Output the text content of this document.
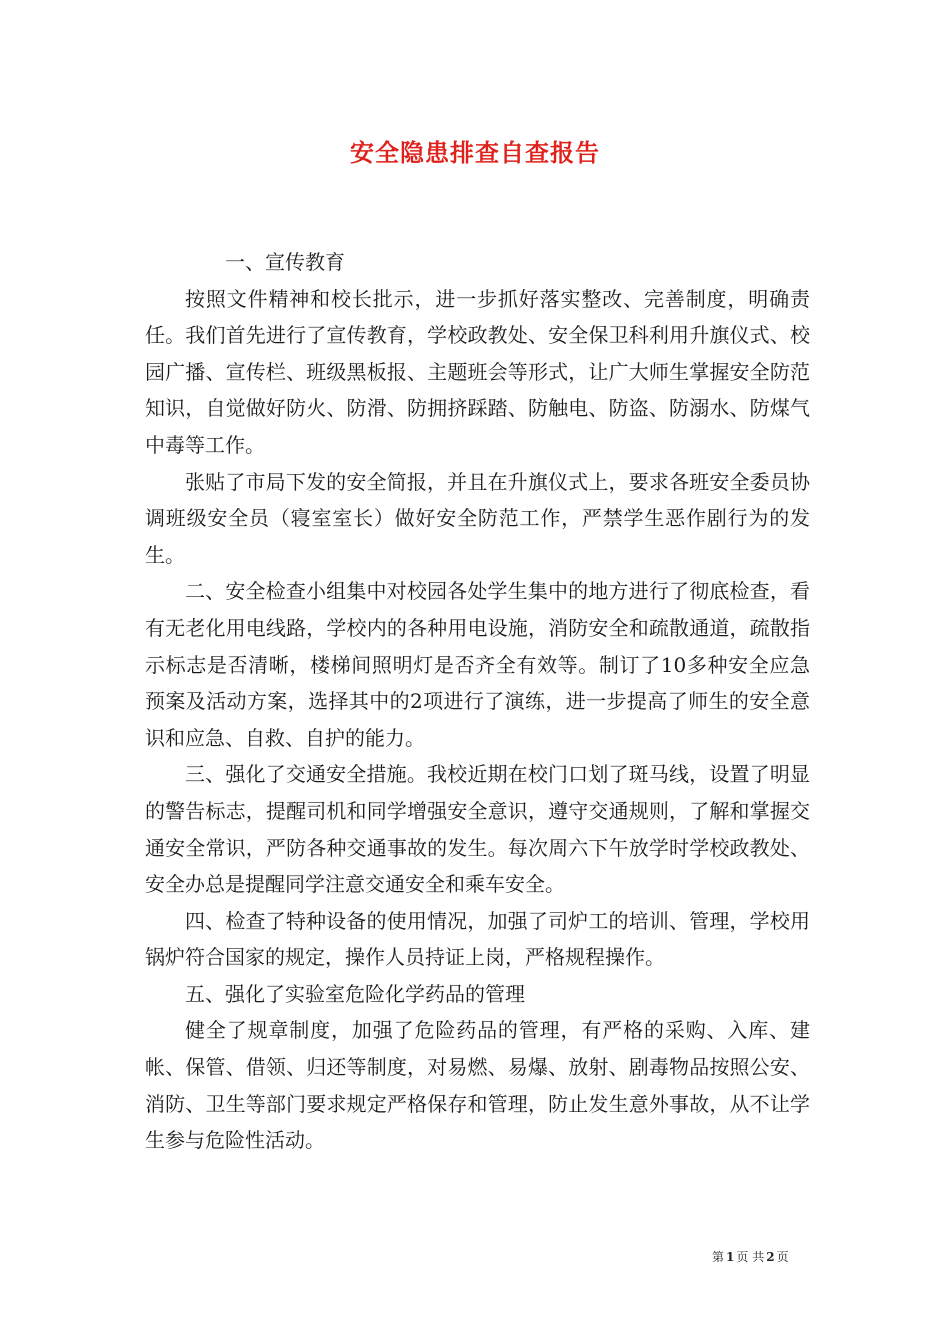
安全隐患排查自查报告

一、宣传教育

按照文件精神和校长批示，进一步抓好落实整改、完善制度，明确责任。我们首先进行了宣传教育，学校政教处、安全保卫科利用升旗仪式、校园广播、宣传栏、班级黑板报、主题班会等形式，让广大师生掌握安全防范知识，自觉做好防火、防滑、防拥挤踩踏、防触电、防盗、防溺水、防煤气中毒等工作。

张贴了市局下发的安全简报，并且在升旗仪式上，要求各班安全委员协调班级安全员（寝室室长）做好安全防范工作，严禁学生恶作剧行为的发生。

二、安全检查小组集中对校园各处学生集中的地方进行了彻底检查，看有无老化用电线路，学校内的各种用电设施，消防安全和疏散通道，疏散指示标志是否清晰，楼梯间照明灯是否齐全有效等。制订了10多种安全应急预案及活动方案，选择其中的2项进行了演练，进一步提高了师生的安全意识和应急、自救、自护的能力。

三、强化了交通安全措施。我校近期在校门口划了斑马线，设置了明显的警告标志，提醒司机和同学增强安全意识，遵守交通规则，了解和掌握交通安全常识，严防各种交通事故的发生。每次周六下午放学时学校政教处、安全办总是提醒同学注意交通安全和乘车安全。

四、检查了特种设备的使用情况，加强了司炉工的培训、管理，学校用锅炉符合国家的规定，操作人员持证上岗，严格规程操作。

五、强化了实验室危险化学药品的管理

健全了规章制度，加强了危险药品的管理，有严格的采购、入库、建帐、保管、借领、归还等制度，对易燃、易爆、放射、剧毒物品按照公安、消防、卫生等部门要求规定严格保存和管理，防止发生意外事故，从不让学生参与危险性活动。

第 1 页 共 2 页
